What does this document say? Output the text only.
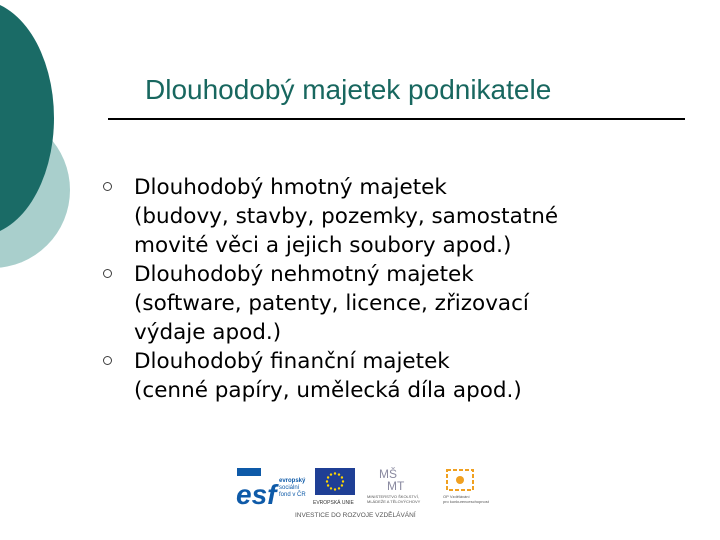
Dlouhodobý majetek podnikatele
Dlouhodobý hmotný majetek
(budovy, stavby, pozemky, samostatné
movité věci a jejich soubory apod.)
Dlouhodobý nehmotný majetek
(software, patenty, licence, zřizovací
výdaje apod.)
Dlouhodobý finanční majetek
(cenné papíry, umělecká díla apod.)
esf evropský
sociální
fond v ČR
EVROPSKÁ UNIE
MŠ
MT
MINISTERSTVO ŠKOLSTVÍ,
MLÁDEŽE A TĚLOVÝCHOVY
OP Vzdělávání
pro konkurenceschopnost
INVESTICE DO ROZVOJE VZDĚLÁVÁNÍ
